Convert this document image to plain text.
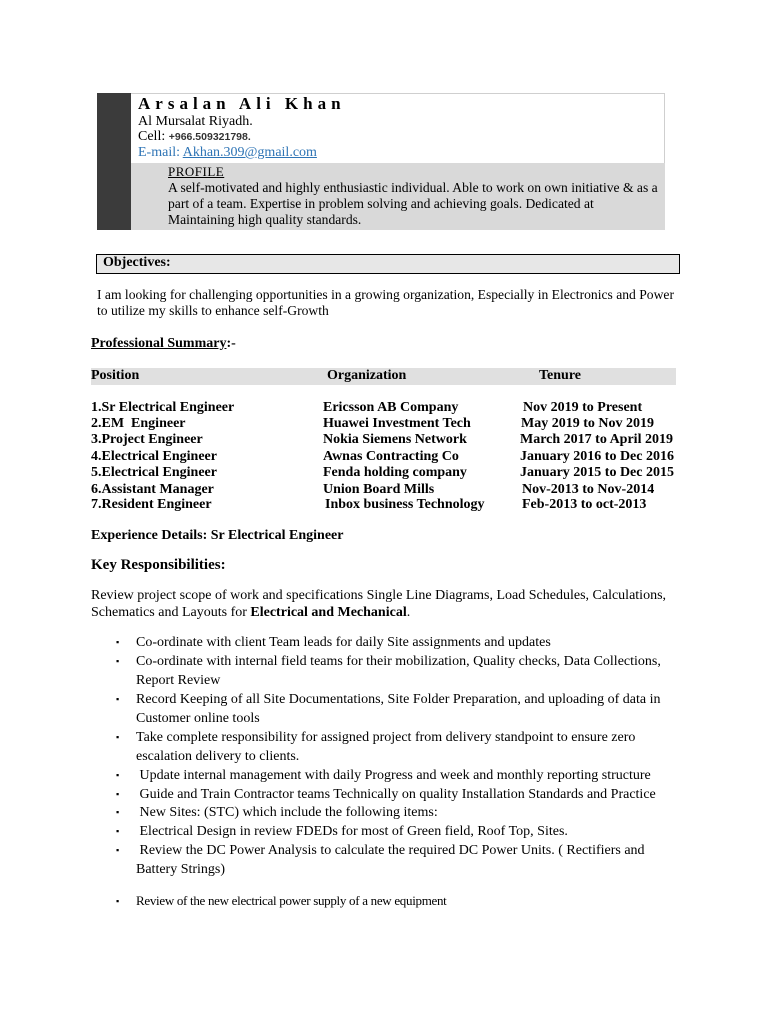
Arsalan Ali Khan
Al Mursalat Riyadh.
Cell: +966.509321798.
E-mail: Akhan.309@gmail.com
PROFILE
A self-motivated and highly enthusiastic individual. Able to work on own initiative & as a part of a team. Expertise in problem solving and achieving goals. Dedicated at Maintaining high quality standards.
Objectives:
I am looking for challenging opportunities in a growing organization, Especially in Electronics and Power to utilize my skills to enhance self-Growth
Professional Summary:-
Position	Organization	Tenure
1.Sr Electrical Engineer	Ericsson AB Company	Nov 2019 to Present
2.EM  Engineer	Huawei Investment Tech	May 2019 to Nov 2019
3.Project Engineer	Nokia Siemens Network	March 2017 to April 2019
4.Electrical Engineer	Awnas Contracting Co	January 2016 to Dec 2016
5.Electrical Engineer	Fenda holding company	January 2015 to Dec 2015
6.Assistant Manager	Union Board Mills	Nov-2013 to Nov-2014
7.Resident Engineer	Inbox business Technology	Feb-2013 to oct-2013
Experience Details: Sr Electrical Engineer
Key Responsibilities:
Review project scope of work and specifications Single Line Diagrams, Load Schedules, Calculations, Schematics and Layouts for Electrical and Mechanical.
▪ Co-ordinate with client Team leads for daily Site assignments and updates
▪ Co-ordinate with internal field teams for their mobilization, Quality checks, Data Collections, Report Review
▪ Record Keeping of all Site Documentations, Site Folder Preparation, and uploading of data in Customer online tools
▪ Take complete responsibility for assigned project from delivery standpoint to ensure zero escalation delivery to clients.
▪ Update internal management with daily Progress and week and monthly reporting structure
▪ Guide and Train Contractor teams Technically on quality Installation Standards and Practice
▪ New Sites: (STC) which include the following items:
▪ Electrical Design in review FDEDs for most of Green field, Roof Top, Sites.
▪ Review the DC Power Analysis to calculate the required DC Power Units. ( Rectifiers and Battery Strings)
▪ Review of the new electrical power supply of a new equipment
